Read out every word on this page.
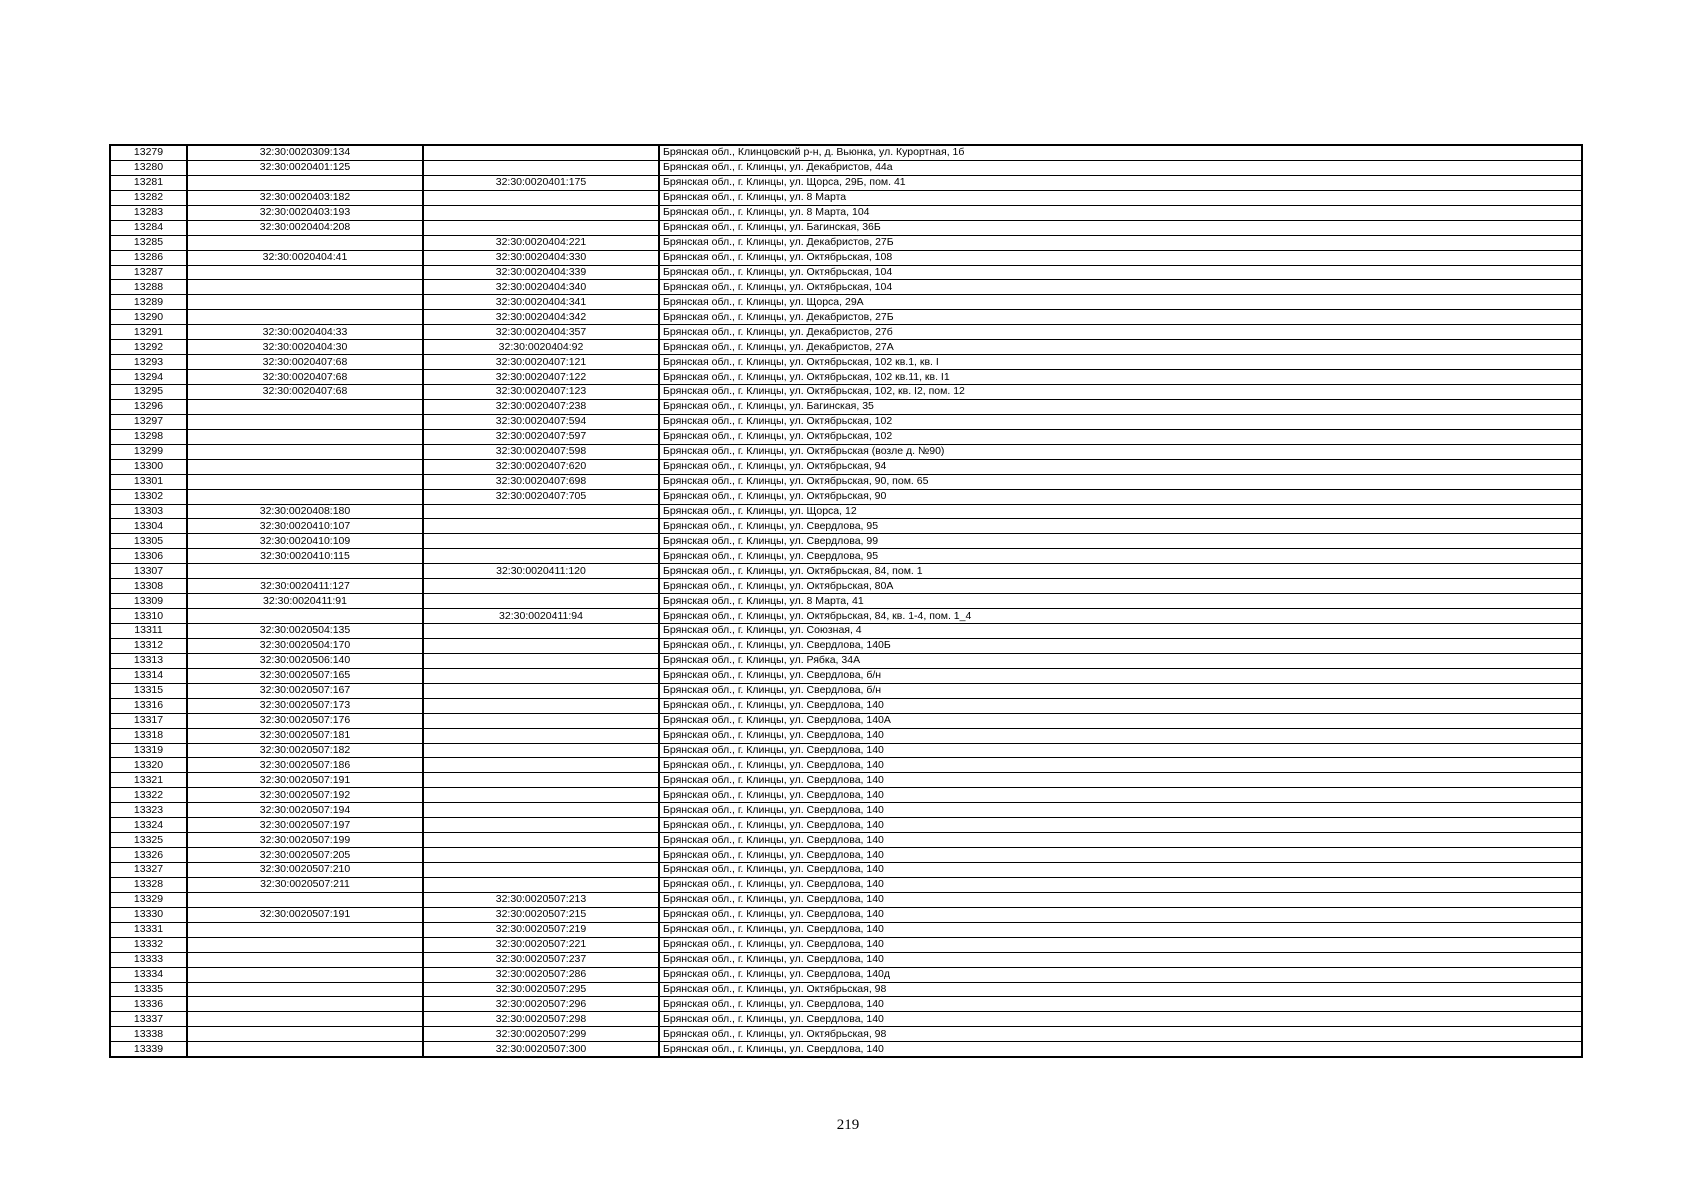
13279	32:30:0020309:134		Брянская обл., Клинцовский р-н, д. Вьюнка, ул. Курортная, 1б
13280	32:30:0020401:125		Брянская обл., г. Клинцы, ул. Декабристов, 44а
13281		32:30:0020401:175	Брянская обл., г. Клинцы, ул. Щорса, 29Б, пом. 41
13282	32:30:0020403:182		Брянская обл., г. Клинцы, ул. 8 Марта
13283	32:30:0020403:193		Брянская обл., г. Клинцы, ул. 8 Марта, 104
13284	32:30:0020404:208		Брянская обл., г. Клинцы, ул. Багинская, 36Б
13285		32:30:0020404:221	Брянская обл., г. Клинцы, ул. Декабристов, 27Б
13286	32:30:0020404:41	32:30:0020404:330	Брянская обл., г. Клинцы, ул. Октябрьская, 108
13287		32:30:0020404:339	Брянская обл., г. Клинцы, ул. Октябрьская, 104
13288		32:30:0020404:340	Брянская обл., г. Клинцы, ул. Октябрьская, 104
13289		32:30:0020404:341	Брянская обл., г. Клинцы, ул. Щорса, 29А
13290		32:30:0020404:342	Брянская обл., г. Клинцы, ул. Декабристов, 27Б
13291	32:30:0020404:33	32:30:0020404:357	Брянская обл., г. Клинцы, ул. Декабристов, 27б
13292	32:30:0020404:30	32:30:0020404:92	Брянская обл., г. Клинцы, ул. Декабристов, 27А
13293	32:30:0020407:68	32:30:0020407:121	Брянская обл., г. Клинцы, ул. Октябрьская, 102 кв.1, кв. I
13294	32:30:0020407:68	32:30:0020407:122	Брянская обл., г. Клинцы, ул. Октябрьская, 102 кв.11, кв. I1
13295	32:30:0020407:68	32:30:0020407:123	Брянская обл., г. Клинцы, ул. Октябрьская, 102, кв. I2, пом. 12
13296		32:30:0020407:238	Брянская обл., г. Клинцы, ул. Багинская, 35
13297		32:30:0020407:594	Брянская обл., г. Клинцы, ул. Октябрьская, 102
13298		32:30:0020407:597	Брянская обл., г. Клинцы, ул. Октябрьская, 102
13299		32:30:0020407:598	Брянская обл., г. Клинцы, ул. Октябрьская (возле д. №90)
13300		32:30:0020407:620	Брянская обл., г. Клинцы, ул. Октябрьская, 94
13301		32:30:0020407:698	Брянская обл., г. Клинцы, ул. Октябрьская, 90, пом. 65
13302		32:30:0020407:705	Брянская обл., г. Клинцы, ул. Октябрьская, 90
13303	32:30:0020408:180		Брянская обл., г. Клинцы, ул. Щорса, 12
13304	32:30:0020410:107		Брянская обл., г. Клинцы, ул. Свердлова, 95
13305	32:30:0020410:109		Брянская обл., г. Клинцы, ул. Свердлова, 99
13306	32:30:0020410:115		Брянская обл., г. Клинцы, ул. Свердлова, 95
13307		32:30:0020411:120	Брянская обл., г. Клинцы, ул. Октябрьская, 84, пом. 1
13308	32:30:0020411:127		Брянская обл., г. Клинцы, ул. Октябрьская, 80А
13309	32:30:0020411:91		Брянская обл., г. Клинцы, ул. 8 Марта, 41
13310		32:30:0020411:94	Брянская обл., г. Клинцы, ул. Октябрьская, 84, кв. 1-4, пом. 1_4
13311	32:30:0020504:135		Брянская обл., г. Клинцы, ул. Союзная, 4
13312	32:30:0020504:170		Брянская обл., г. Клинцы, ул. Свердлова, 140Б
13313	32:30:0020506:140		Брянская обл., г. Клинцы, ул. Рябка, 34А
13314	32:30:0020507:165		Брянская обл., г. Клинцы, ул. Свердлова, б/н
13315	32:30:0020507:167		Брянская обл., г. Клинцы, ул. Свердлова, б/н
13316	32:30:0020507:173		Брянская обл., г. Клинцы, ул. Свердлова, 140
13317	32:30:0020507:176		Брянская обл., г. Клинцы, ул. Свердлова, 140А
13318	32:30:0020507:181		Брянская обл., г. Клинцы, ул. Свердлова, 140
13319	32:30:0020507:182		Брянская обл., г. Клинцы, ул. Свердлова, 140
13320	32:30:0020507:186		Брянская обл., г. Клинцы, ул. Свердлова, 140
13321	32:30:0020507:191		Брянская обл., г. Клинцы, ул. Свердлова, 140
13322	32:30:0020507:192		Брянская обл., г. Клинцы, ул. Свердлова, 140
13323	32:30:0020507:194		Брянская обл., г. Клинцы, ул. Свердлова, 140
13324	32:30:0020507:197		Брянская обл., г. Клинцы, ул. Свердлова, 140
13325	32:30:0020507:199		Брянская обл., г. Клинцы, ул. Свердлова, 140
13326	32:30:0020507:205		Брянская обл., г. Клинцы, ул. Свердлова, 140
13327	32:30:0020507:210		Брянская обл., г. Клинцы, ул. Свердлова, 140
13328	32:30:0020507:211		Брянская обл., г. Клинцы, ул. Свердлова, 140
13329		32:30:0020507:213	Брянская обл., г. Клинцы, ул. Свердлова, 140
13330	32:30:0020507:191	32:30:0020507:215	Брянская обл., г. Клинцы, ул. Свердлова, 140
13331		32:30:0020507:219	Брянская обл., г. Клинцы, ул. Свердлова, 140
13332		32:30:0020507:221	Брянская обл., г. Клинцы, ул. Свердлова, 140
13333		32:30:0020507:237	Брянская обл., г. Клинцы, ул. Свердлова, 140
13334		32:30:0020507:286	Брянская обл., г. Клинцы, ул. Свердлова, 140д
13335		32:30:0020507:295	Брянская обл., г. Клинцы, ул. Октябрьская, 98
13336		32:30:0020507:296	Брянская обл., г. Клинцы, ул. Свердлова, 140
13337		32:30:0020507:298	Брянская обл., г. Клинцы, ул. Свердлова, 140
13338		32:30:0020507:299	Брянская обл., г. Клинцы, ул. Октябрьская, 98
13339		32:30:0020507:300	Брянская обл., г. Клинцы, ул. Свердлова, 140
219
